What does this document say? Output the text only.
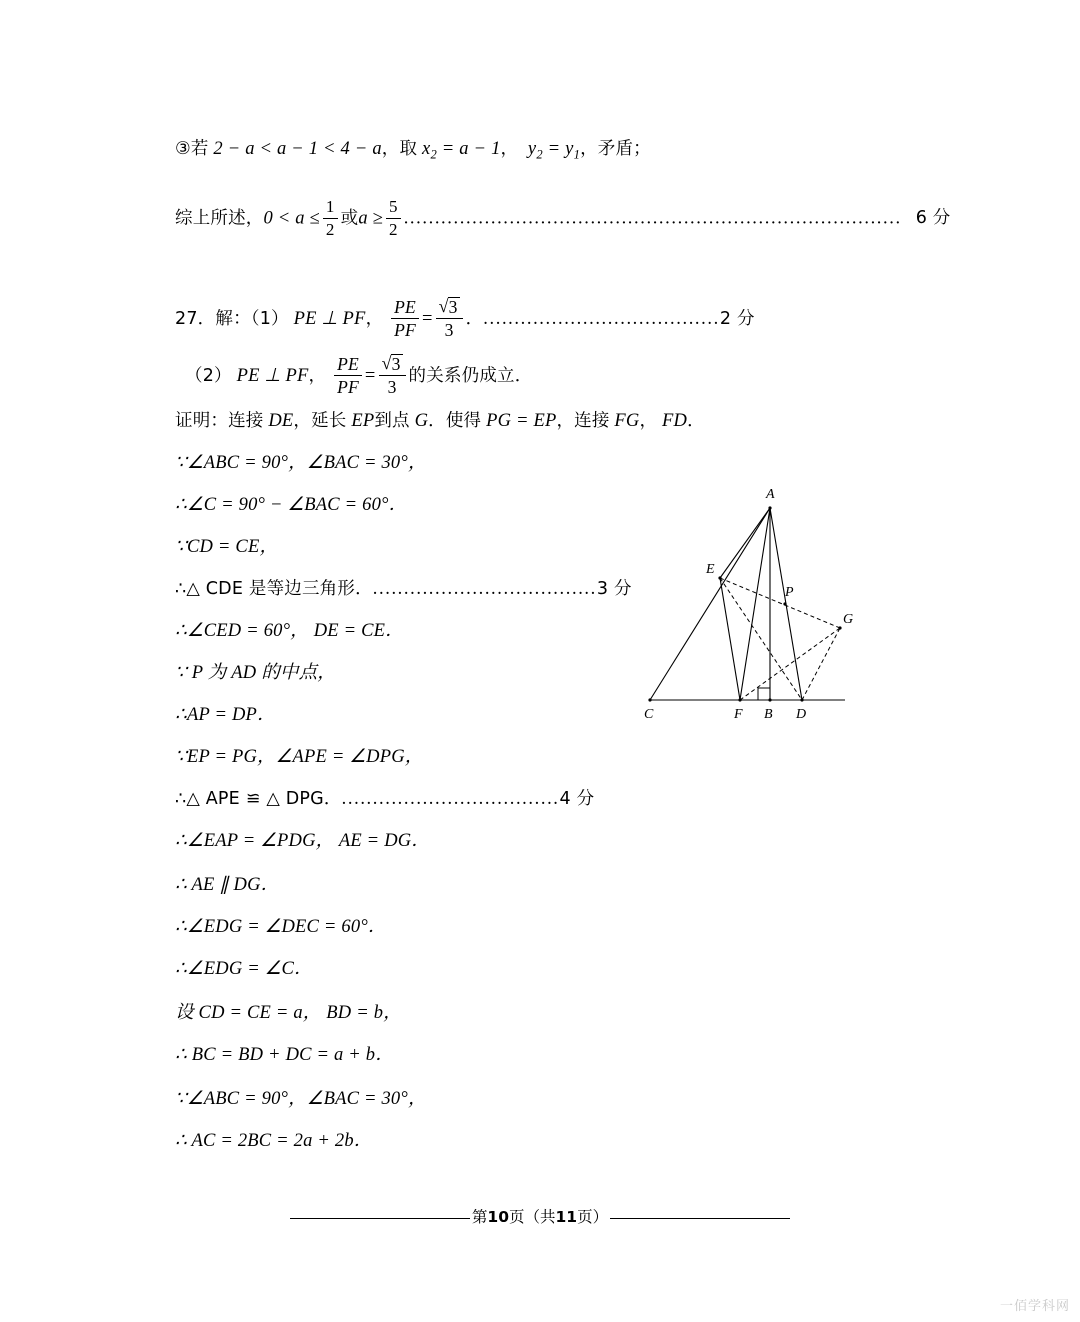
③若 2 − a < a − 1 < 4 − a，取 $x_2 = a - 1$， $y_2 = y_1$，矛盾；
综上所述，$0 < a \le \frac{1}{2}$ 或$a \ge \frac{5}{2}$ ................................................................................ 6 分
27．解：（1） PE ⊥ PF， $\frac{PE}{PF}$ = √ $\frac{3}{3}$ ．......................................2 分
（2） PE ⊥ PF， $\frac{PE}{PF}$ = √ $\frac{3}{3}$ 的关系仍成立．
证明：连接 DE，延长 EP到点 G．使得 PG = EP，连接 FG， FD．
∵∠ABC = 90°，∠BAC = 30°，
∴∠C = 90° − ∠BAC = 60°．
∵CD = CE，
∴△ CDE 是等边三角形．....................................3 分
∴∠CED = 60°， DE = CE．
∵ P 为 AD 的中点，
∴AP = DP．
∵EP = PG，∠APE = ∠DPG，
∴△ APE ≌ △ DPG．...................................4 分
∴∠EAP = ∠PDG， AE = DG．
∴ AE ∥ DG．
∴∠EDG = ∠DEC = 60°．
∴∠EDG = ∠C．
设 CD = CE = a， BD = b，
∴ BC = BD + DC = a + b．
∵∠ABC = 90°，∠BAC = 30°，
∴ AC = 2BC = 2a + 2b．
A
E
P
G
C	F B D
第10页（共11页）
一佰学科网
